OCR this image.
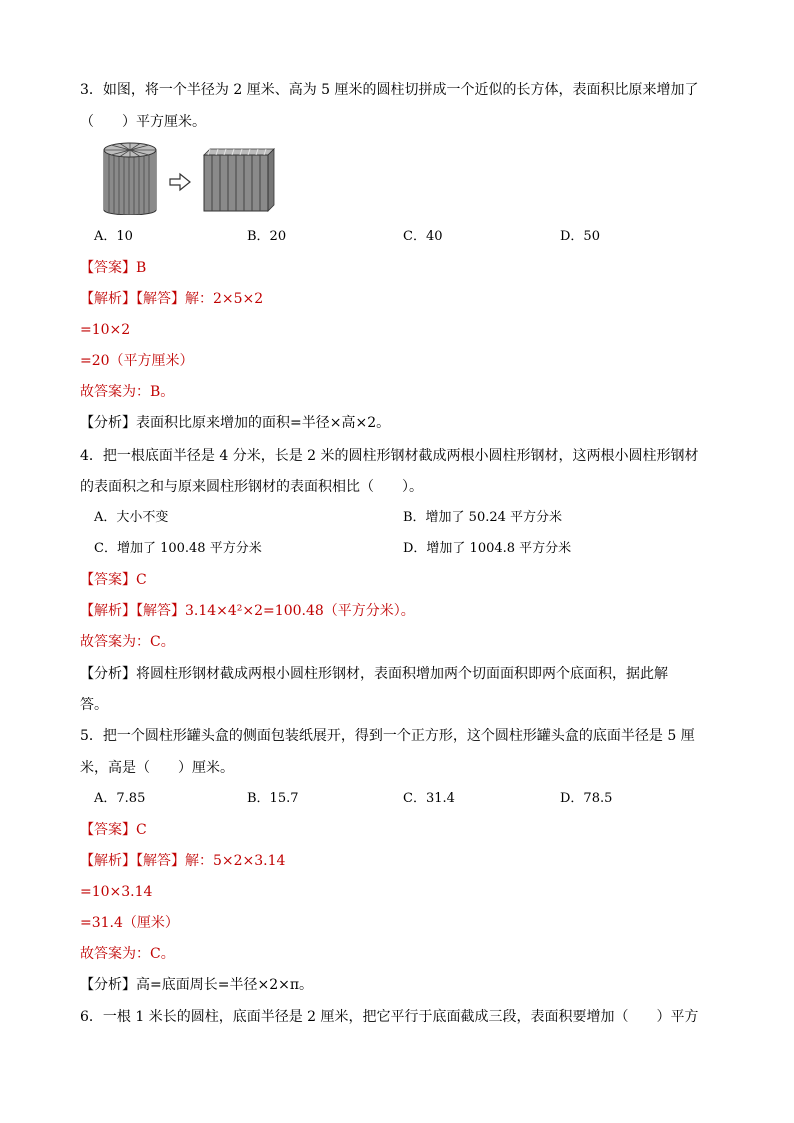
3．如图，将一个半径为 2 厘米、高为 5 厘米的圆柱切拼成一个近似的长方体，表面积比原来增加了
（　　）平方厘米。
A．10	B．20	C．40	D．50
【答案】B
【解析】【解答】解：2×5×2
=10×2
=20（平方厘米）
故答案为：B。
【分析】表面积比原来增加的面积=半径×高×2。
4．把一根底面半径是 4 分米，长是 2 米的圆柱形钢材截成两根小圆柱形钢材，这两根小圆柱形钢材
的表面积之和与原来圆柱形钢材的表面积相比（　　）。
A．大小不变	B．增加了 50.24 平方分米
C．增加了 100.48 平方分米	D．增加了 1004.8 平方分米
【答案】C
【解析】【解答】3.14×4²×2=100.48（平方分米）。
故答案为：C。
【分析】将圆柱形钢材截成两根小圆柱形钢材，表面积增加两个切面面积即两个底面积，据此解
答。
5．把一个圆柱形罐头盒的侧面包装纸展开，得到一个正方形，这个圆柱形罐头盒的底面半径是 5 厘
米，高是（　　）厘米。
A．7.85	B．15.7	C．31.4	D．78.5
【答案】C
【解析】【解答】解：5×2×3.14
=10×3.14
=31.4（厘米）
故答案为：C。
【分析】高=底面周长=半径×2×π。
6．一根 1 米长的圆柱，底面半径是 2 厘米，把它平行于底面截成三段，表面积要增加（　　）平方
